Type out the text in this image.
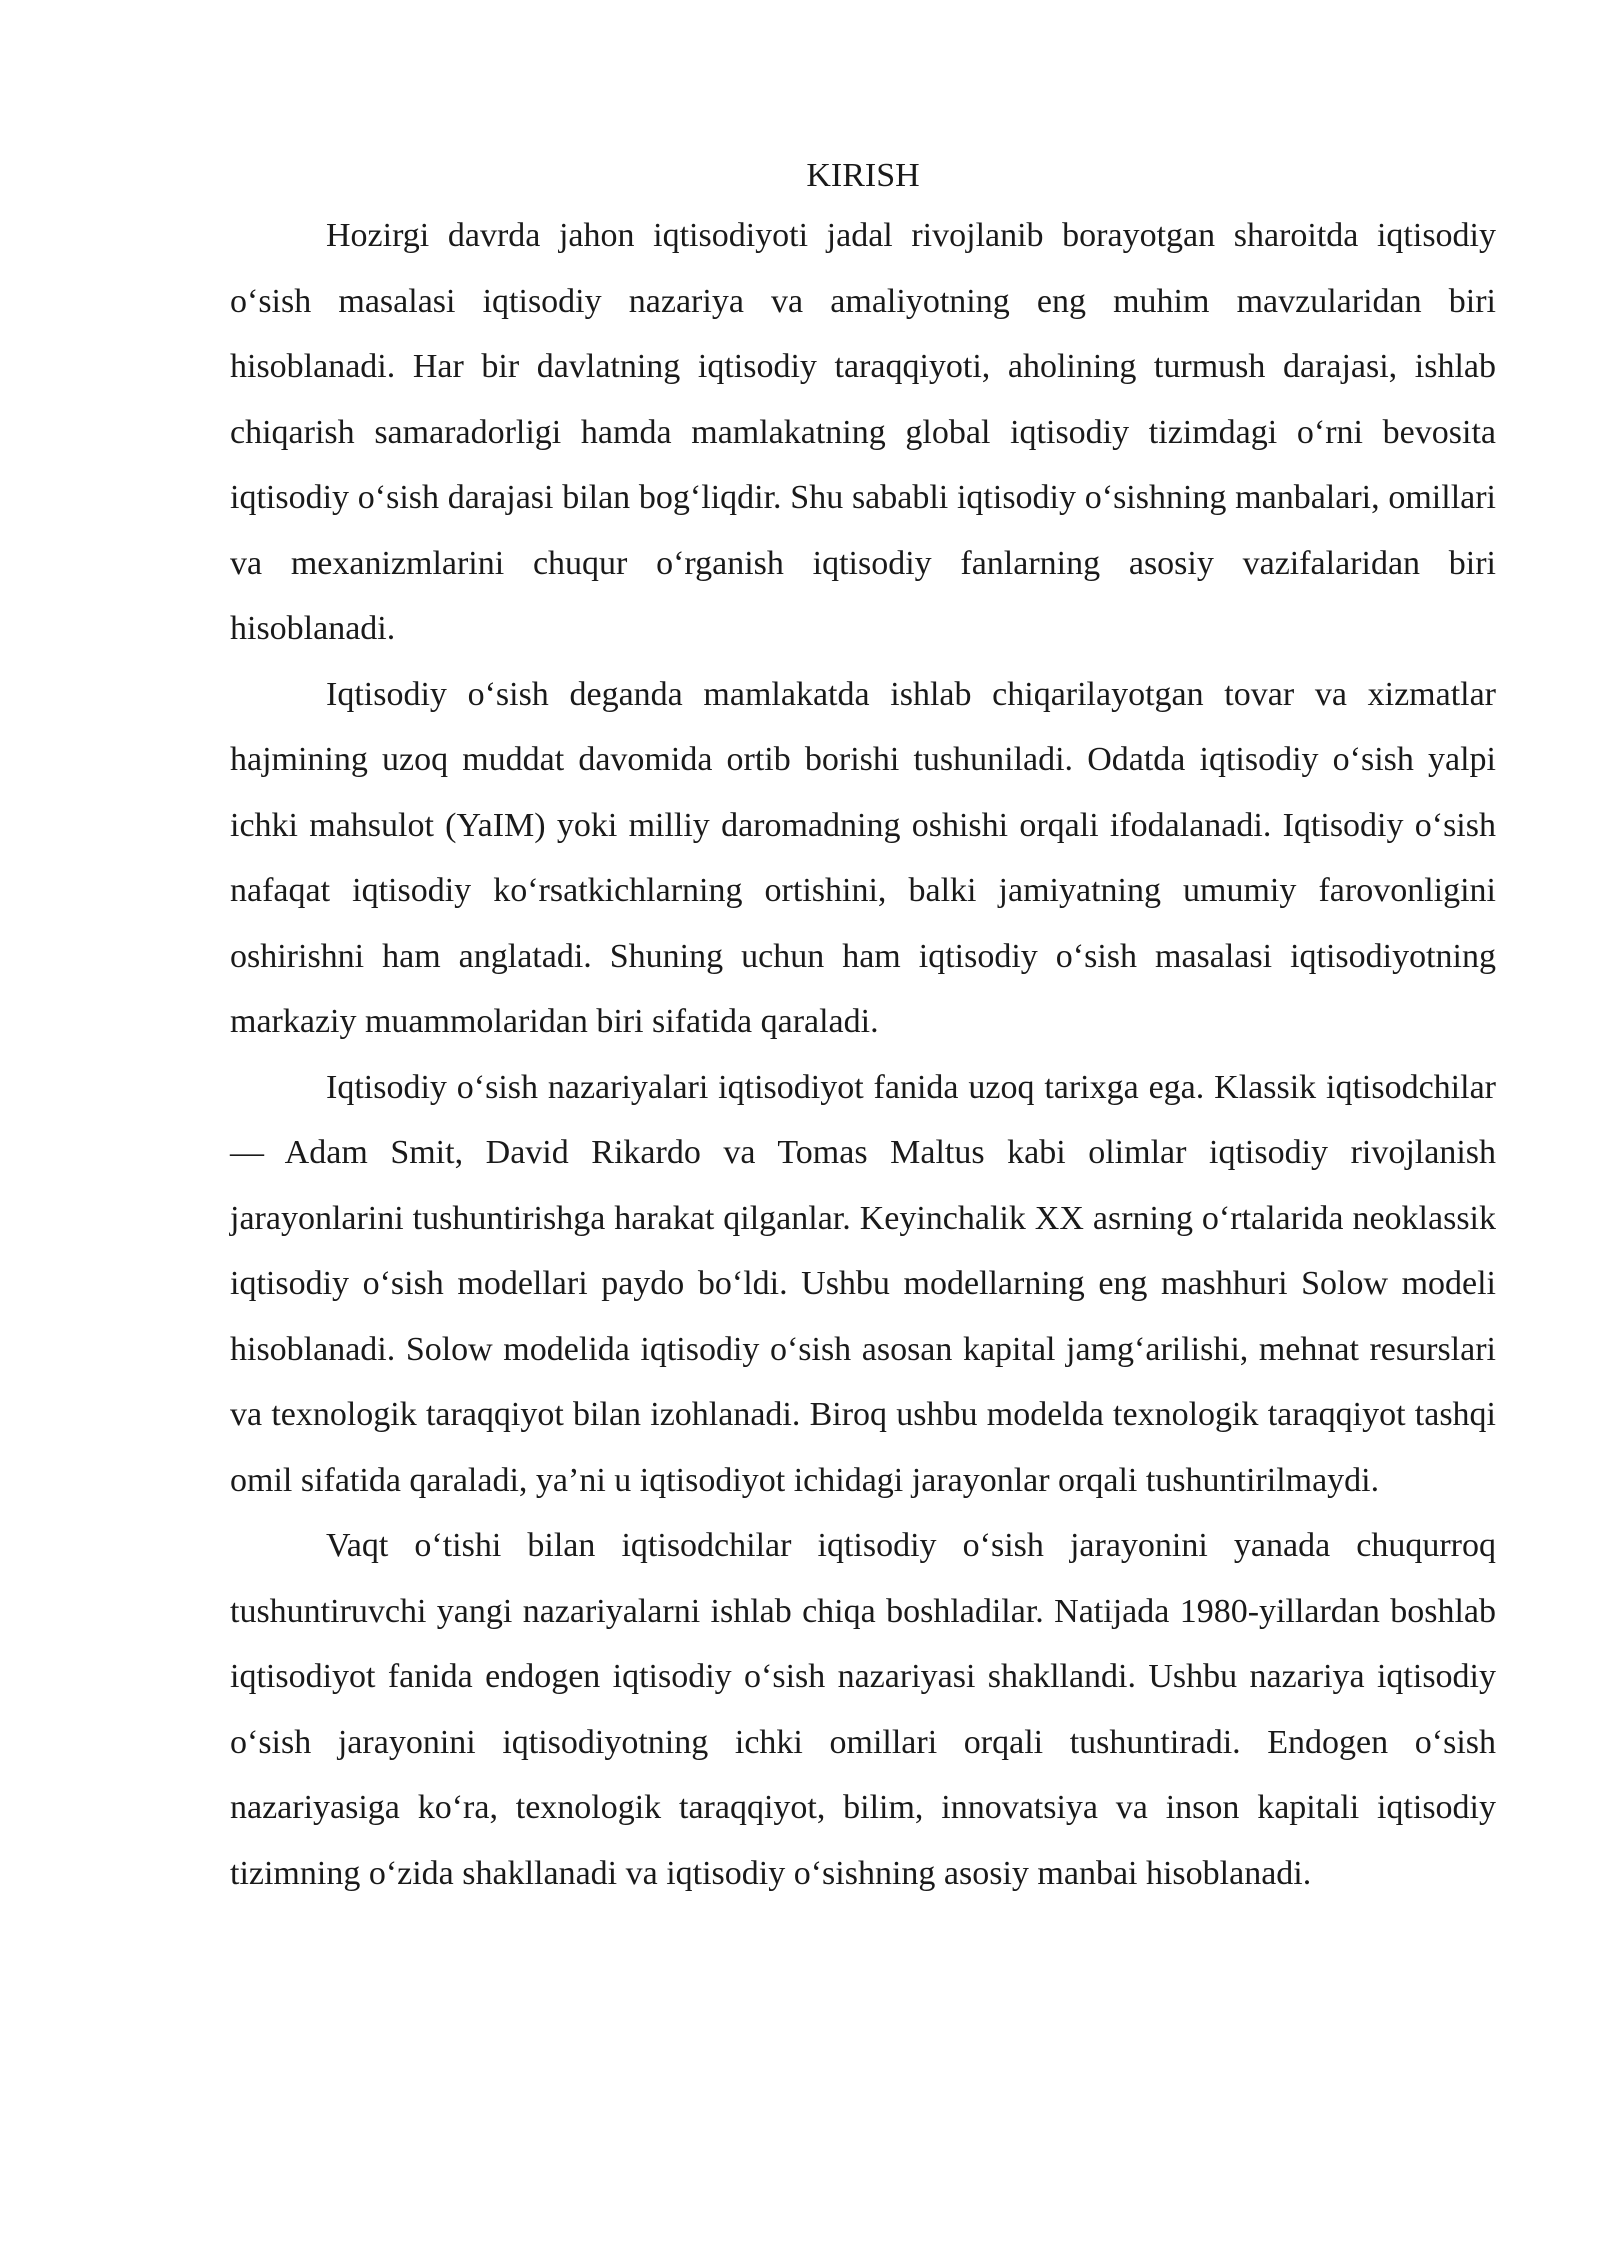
KIRISH

Hozirgi davrda jahon iqtisodiyoti jadal rivojlanib borayotgan sharoitda iqtisodiy o‘sish masalasi iqtisodiy nazariya va amaliyotning eng muhim mavzularidan biri hisoblanadi. Har bir davlatning iqtisodiy taraqqiyoti, aholining turmush darajasi, ishlab chiqarish samaradorligi hamda mamlakatning global iqtisodiy tizimdagi o‘rni bevosita iqtisodiy o‘sish darajasi bilan bog‘liqdir. Shu sababli iqtisodiy o‘sishning manbalari, omillari va mexanizmlarini chuqur o‘rganish iqtisodiy fanlarning asosiy vazifalaridan biri hisoblanadi.

Iqtisodiy o‘sish deganda mamlakatda ishlab chiqarilayotgan tovar va xizmatlar hajmining uzoq muddat davomida ortib borishi tushuniladi. Odatda iqtisodiy o‘sish yalpi ichki mahsulot (YaIM) yoki milliy daromadning oshishi orqali ifodalanadi. Iqtisodiy o‘sish nafaqat iqtisodiy ko‘rsatkichlarning ortishini, balki jamiyatning umumiy farovonligini oshirishni ham anglatadi. Shuning uchun ham iqtisodiy o‘sish masalasi iqtisodiyotning markaziy muammolaridan biri sifatida qaraladi.

Iqtisodiy o‘sish nazariyalari iqtisodiyot fanida uzoq tarixga ega. Klassik iqtisodchilar — Adam Smit, David Rikardo va Tomas Maltus kabi olimlar iqtisodiy rivojlanish jarayonlarini tushuntirishga harakat qilganlar. Keyinchalik XX asrning o‘rtalarida neoklassik iqtisodiy o‘sish modellari paydo bo‘ldi. Ushbu modellarning eng mashhuri Solow modeli hisoblanadi. Solow modelida iqtisodiy o‘sish asosan kapital jamg‘arilishi, mehnat resurslari va texnologik taraqqiyot bilan izohlanadi. Biroq ushbu modelda texnologik taraqqiyot tashqi omil sifatida qaraladi, ya’ni u iqtisodiyot ichidagi jarayonlar orqali tushuntirilmaydi.

Vaqt o‘tishi bilan iqtisodchilar iqtisodiy o‘sish jarayonini yanada chuqurroq tushuntiruvchi yangi nazariyalarni ishlab chiqa boshladilar. Natijada 1980-yillardan boshlab iqtisodiyot fanida endogen iqtisodiy o‘sish nazariyasi shakllandi. Ushbu nazariya iqtisodiy o‘sish jarayonini iqtisodiyotning ichki omillari orqali tushuntiradi. Endogen o‘sish nazariyasiga ko‘ra, texnologik taraqqiyot, bilim, innovatsiya va inson kapitali iqtisodiy tizimning o‘zida shakllanadi va iqtisodiy o‘sishning asosiy manbai hisoblanadi.
